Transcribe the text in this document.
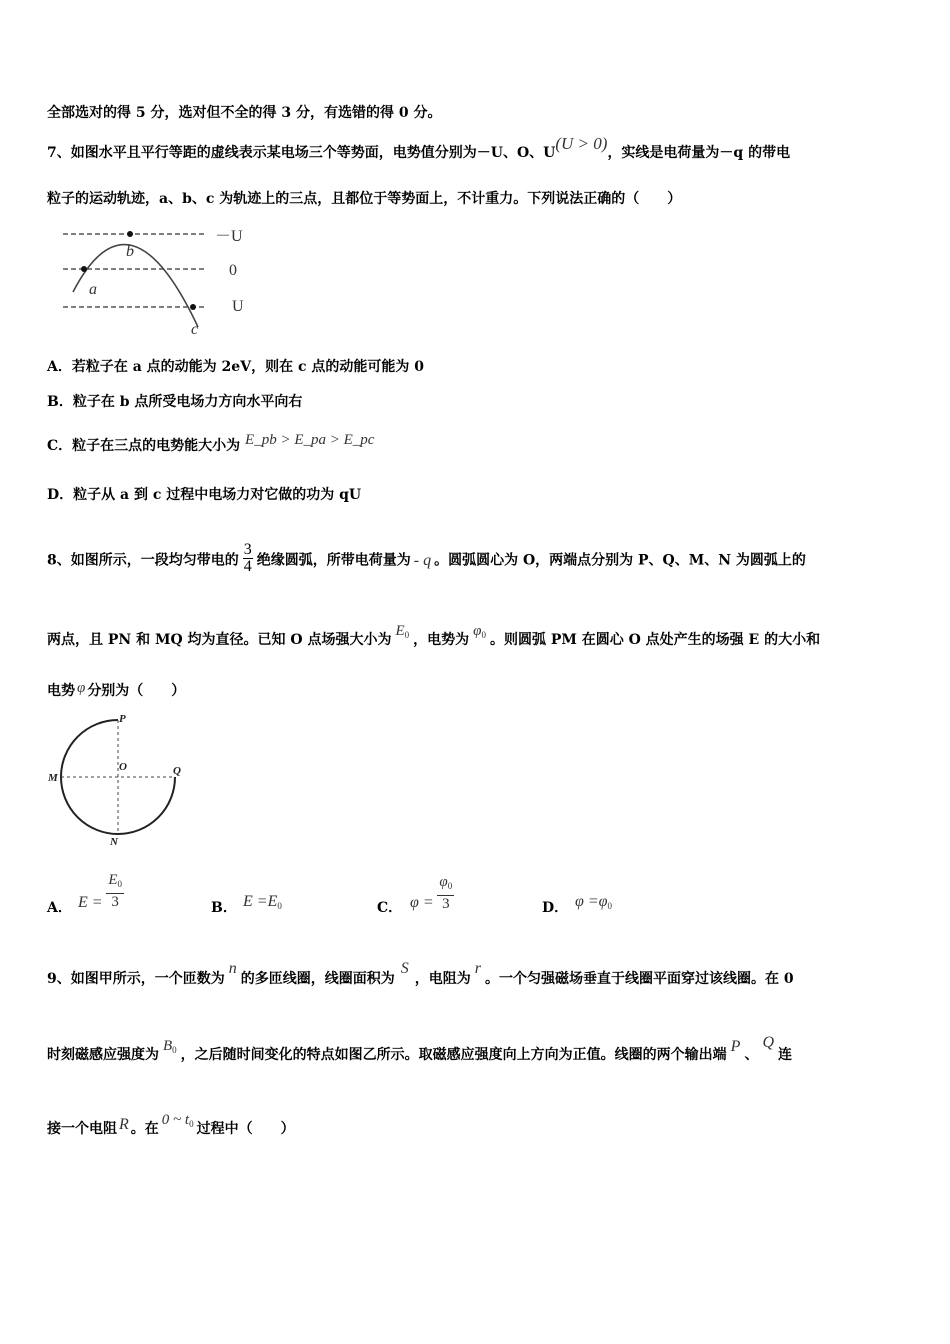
全部选对的得 5 分，选对但不全的得 3 分，有选错的得 0 分。
7、如图水平且平行等距的虚线表示某电场三个等势面，电势值分别为－U、O、U(U > 0)，实线是电荷量为－q 的带电
粒子的运动轨迹，a、b、c 为轨迹上的三点，且都位于等势面上，不计重力。下列说法正确的（　　）
b
a
c
－U
0
U
A．若粒子在 a 点的动能为 2eV，则在 c 点的动能可能为 0
B．粒子在 b 点所受电场力方向水平向右
C．粒子在三点的电势能大小为 E_pb > E_pa > E_pc
D．粒子从 a 到 c 过程中电场力对它做的功为 qU
8、如图所示，一段均匀带电的 $\frac{3}{4}$ 绝缘圆弧，所带电荷量为 - q 。圆弧圆心为 O，两端点分别为 P、Q、M、N 为圆弧上的
两点，且 PN 和 MQ 均为直径。已知 O 点场强大小为$E_0$ ，电势为$\varphi_0$ 。则圆弧 PM 在圆心 O 点处产生的场强 E 的大小和
电势 φ 分别为（　　）
P
O
M
Q
N
A． $E = \frac{E_0}{3}$	B． $E =E_0$	C． $\varphi = \frac{\varphi_0}{3}$	D． $\varphi =\varphi_0$
9、如图甲所示，一个匝数为n的多匝线圈，线圈面积为S，电阻为r。一个匀强磁场垂直于线圈平面穿过该线圈。在 0
时刻磁感应强度为$B_0$ ，之后随时间变化的特点如图乙所示。取磁感应强度向上方向为正值。线圈的两个输出端 P 、Q连
接一个电阻 R 。在0 ~ $t_0$ 过程中（　　）
